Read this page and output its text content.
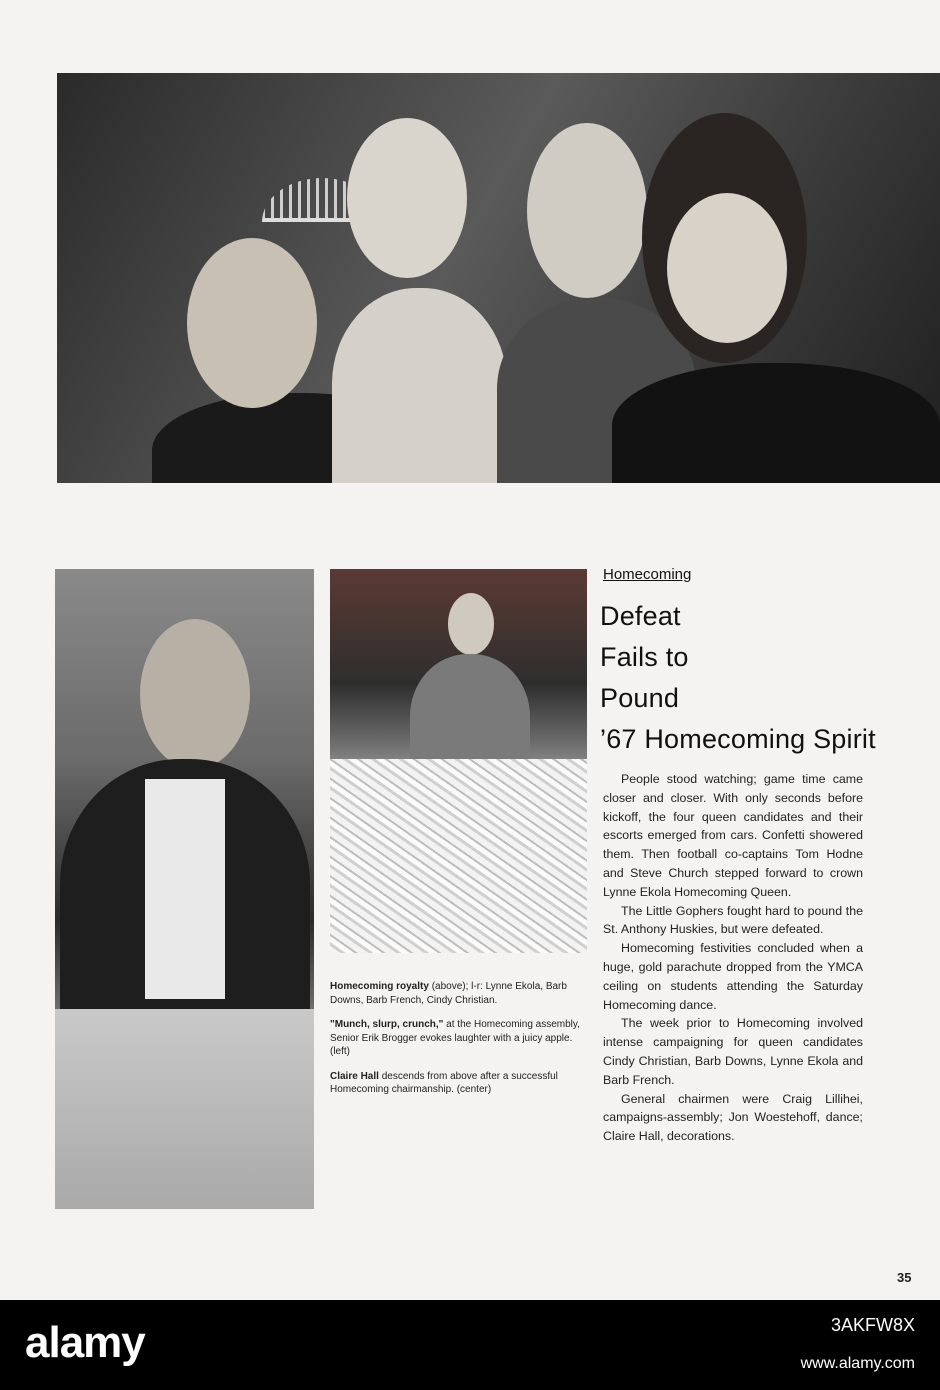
Homecoming
Defeat
Fails to
Pound
’67 Homecoming Spirit

People stood watching; game time came closer and closer. With only seconds before kickoff, the four queen candidates and their escorts emerged from cars. Confetti showered them. Then football co-captains Tom Hodne and Steve Church stepped forward to crown Lynne Ekola Homecoming Queen.

The Little Gophers fought hard to pound the St. Anthony Huskies, but were defeated.

Homecoming festivities concluded when a huge, gold parachute dropped from the YMCA ceiling on students attending the Saturday Homecoming dance.

The week prior to Homecoming involved intense campaigning for queen candidates Cindy Christian, Barb Downs, Lynne Ekola and Barb French.

General chairmen were Craig Lillihei, campaigns-assembly; Jon Woestehoff, dance; Claire Hall, decorations.

Homecoming royalty (above); l-r: Lynne Ekola, Barb Downs, Barb French, Cindy Christian.

"Munch, slurp, crunch," at the Homecoming assembly, Senior Erik Brogger evokes laughter with a juicy apple. (left)

Claire Hall descends from above after a successful Homecoming chairmanship. (center)

35
alamy	3AKFW8X
www.alamy.com
